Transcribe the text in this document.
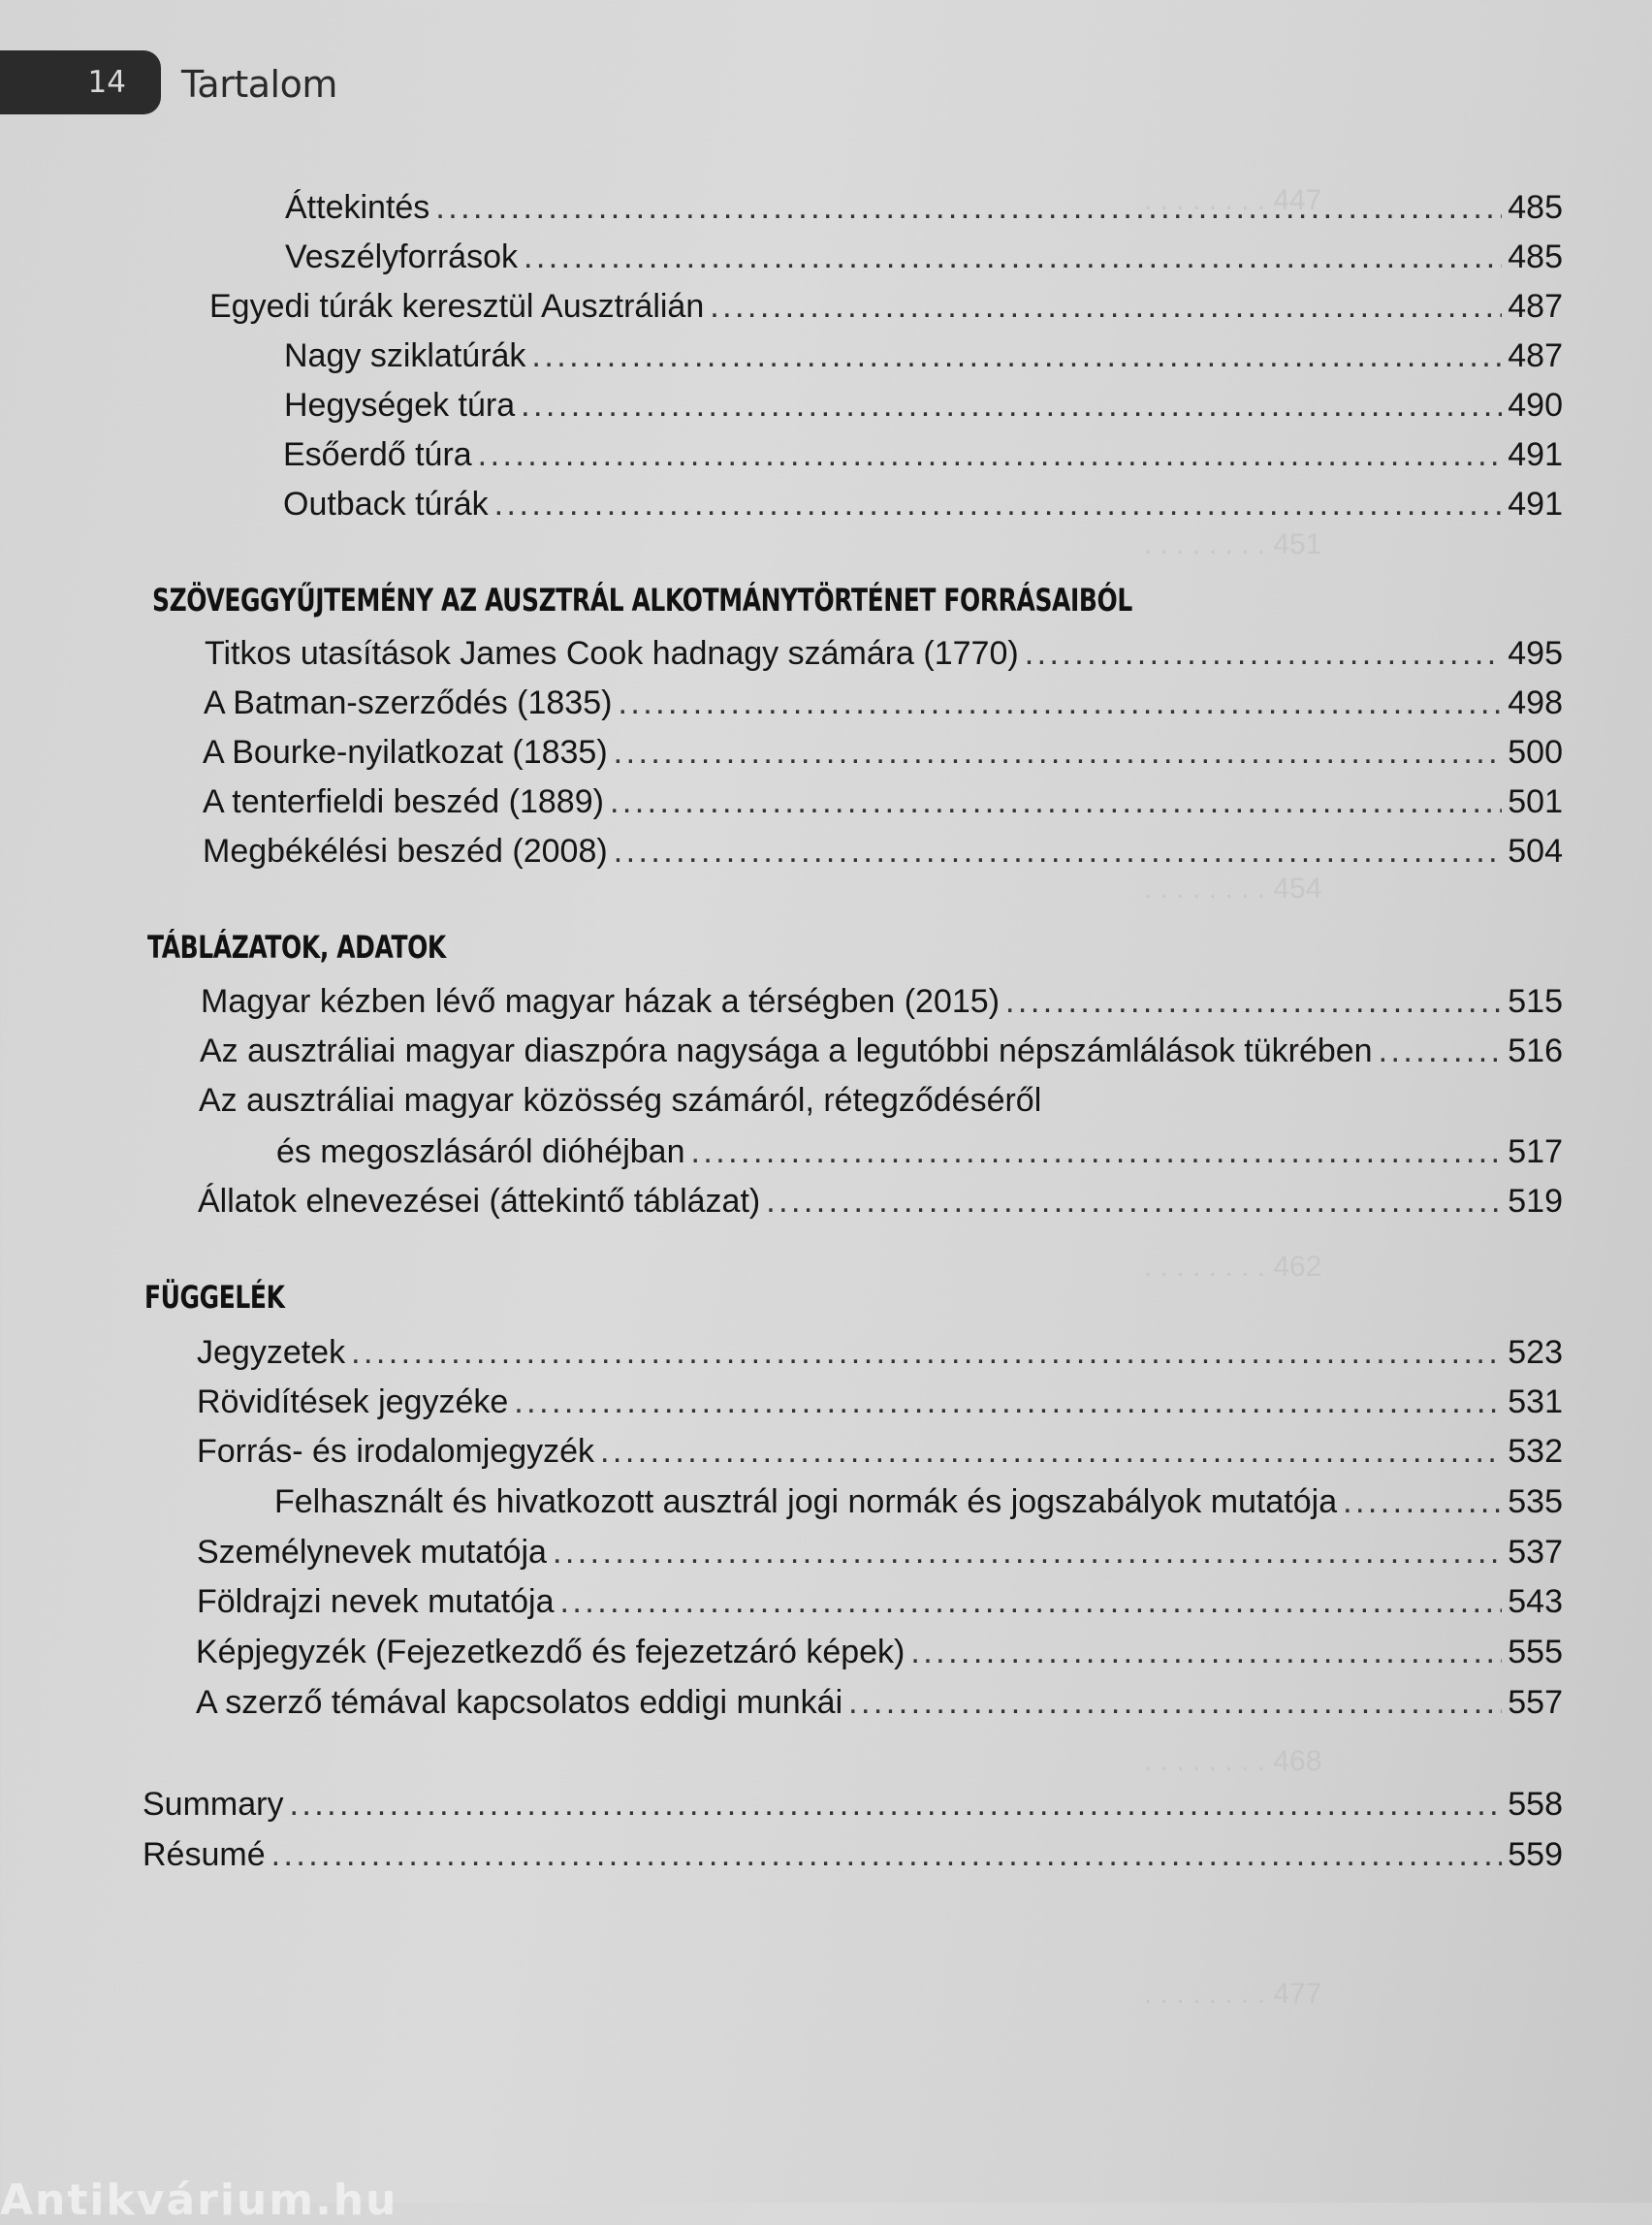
14 Tartalom
. . . . . . . . 447
. . . . . . . . 451
. . . . . . . . 454
. . . . . . . . 462
. . . . . . . . 468
. . . . . . . . 477
Áttekintés . . .	485
Veszélyforrások . . .	485
Egyedi túrák keresztül Ausztrálián . . .	487
Nagy sziklatúrák . . .	487
Hegységek túra . . .	490
Esőerdő túra . . .	491
Outback túrák . . .	491
SZÖVEGGYŰJTEMÉNY AZ AUSZTRÁL ALKOTMÁNYTÖRTÉNET FORRÁSAIBÓL
Titkos utasítások James Cook hadnagy számára (1770) . . .	495
A Batman-szerződés (1835) . . .	498
A Bourke-nyilatkozat (1835) . . .	500
A tenterfieldi beszéd (1889) . . .	501
Megbékélési beszéd (2008) . . .	504
TÁBLÁZATOK, ADATOK
Magyar kézben lévő magyar házak a térségben (2015) . . .	515
Az ausztráliai magyar diaszpóra nagysága a legutóbbi népszámlálások tükrében . . .	516
Az ausztráliai magyar közösség számáról, rétegződéséről
és megoszlásáról dióhéjban . . .	517
Állatok elnevezései (áttekintő táblázat) . . .	519
FÜGGELÉK
Jegyzetek . . .	523
Rövidítések jegyzéke . . .	531
Forrás- és irodalomjegyzék . . .	532
Felhasznált és hivatkozott ausztrál jogi normák és jogszabályok mutatója . . .	535
Személynevek mutatója . . .	537
Földrajzi nevek mutatója . . .	543
Képjegyzék (Fejezetkezdő és fejezetzáró képek) . . .	555
A szerző témával kapcsolatos eddigi munkái . . .	557
Summary . . .	558
Résumé . . .	559
Antikvárium.hu
